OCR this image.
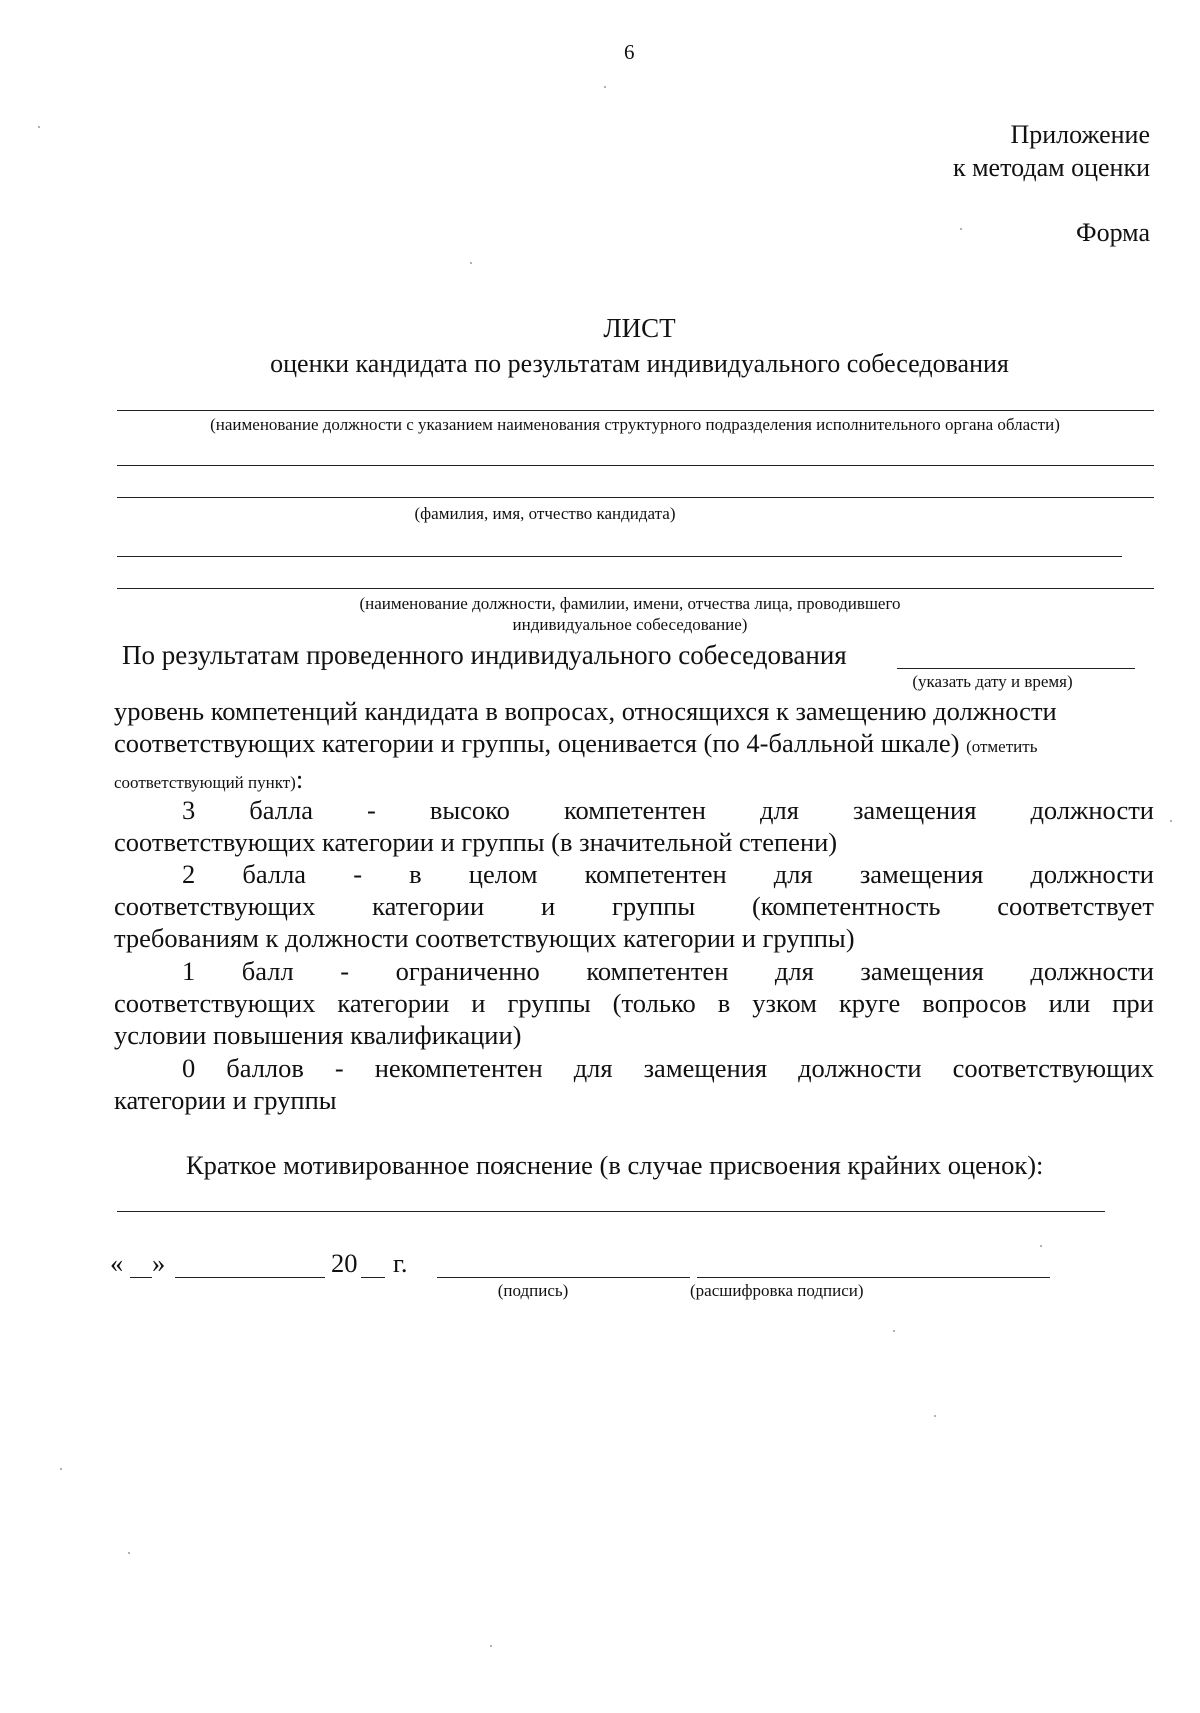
6
Приложение
к методам оценки
Форма
ЛИСТ
оценки кандидата по результатам индивидуального собеседования
(наименование должности с указанием наименования структурного подразделения исполнительного органа области)
(фамилия, имя, отчество кандидата)
(наименование должности, фамилии, имени, отчества лица, проводившего
индивидуальное собеседование)
По результатам проведенного индивидуального собеседования
(указать дату и время)
уровень компетенций кандидата в вопросах, относящихся к замещению должности
соответствующих категории и группы, оценивается (по 4-балльной шкале) (отметить
соответствующий пункт):
3 балла - высоко компетентен для замещения должности
соответствующих категории и группы (в значительной степени)
2 балла - в целом компетентен для замещения должности
соответствующих категории и группы (компетентность соответствует
требованиям к должности соответствующих категории и группы)
1 балл - ограниченно компетентен для замещения должности
соответствующих категории и группы (только в узком круге вопросов или при
условии повышения квалификации)
0 баллов - некомпетентен для замещения должности соответствующих
категории и группы
Краткое мотивированное пояснение (в случае присвоения крайних оценок):
« »	20 г.
(подпись)	(расшифровка подписи)
